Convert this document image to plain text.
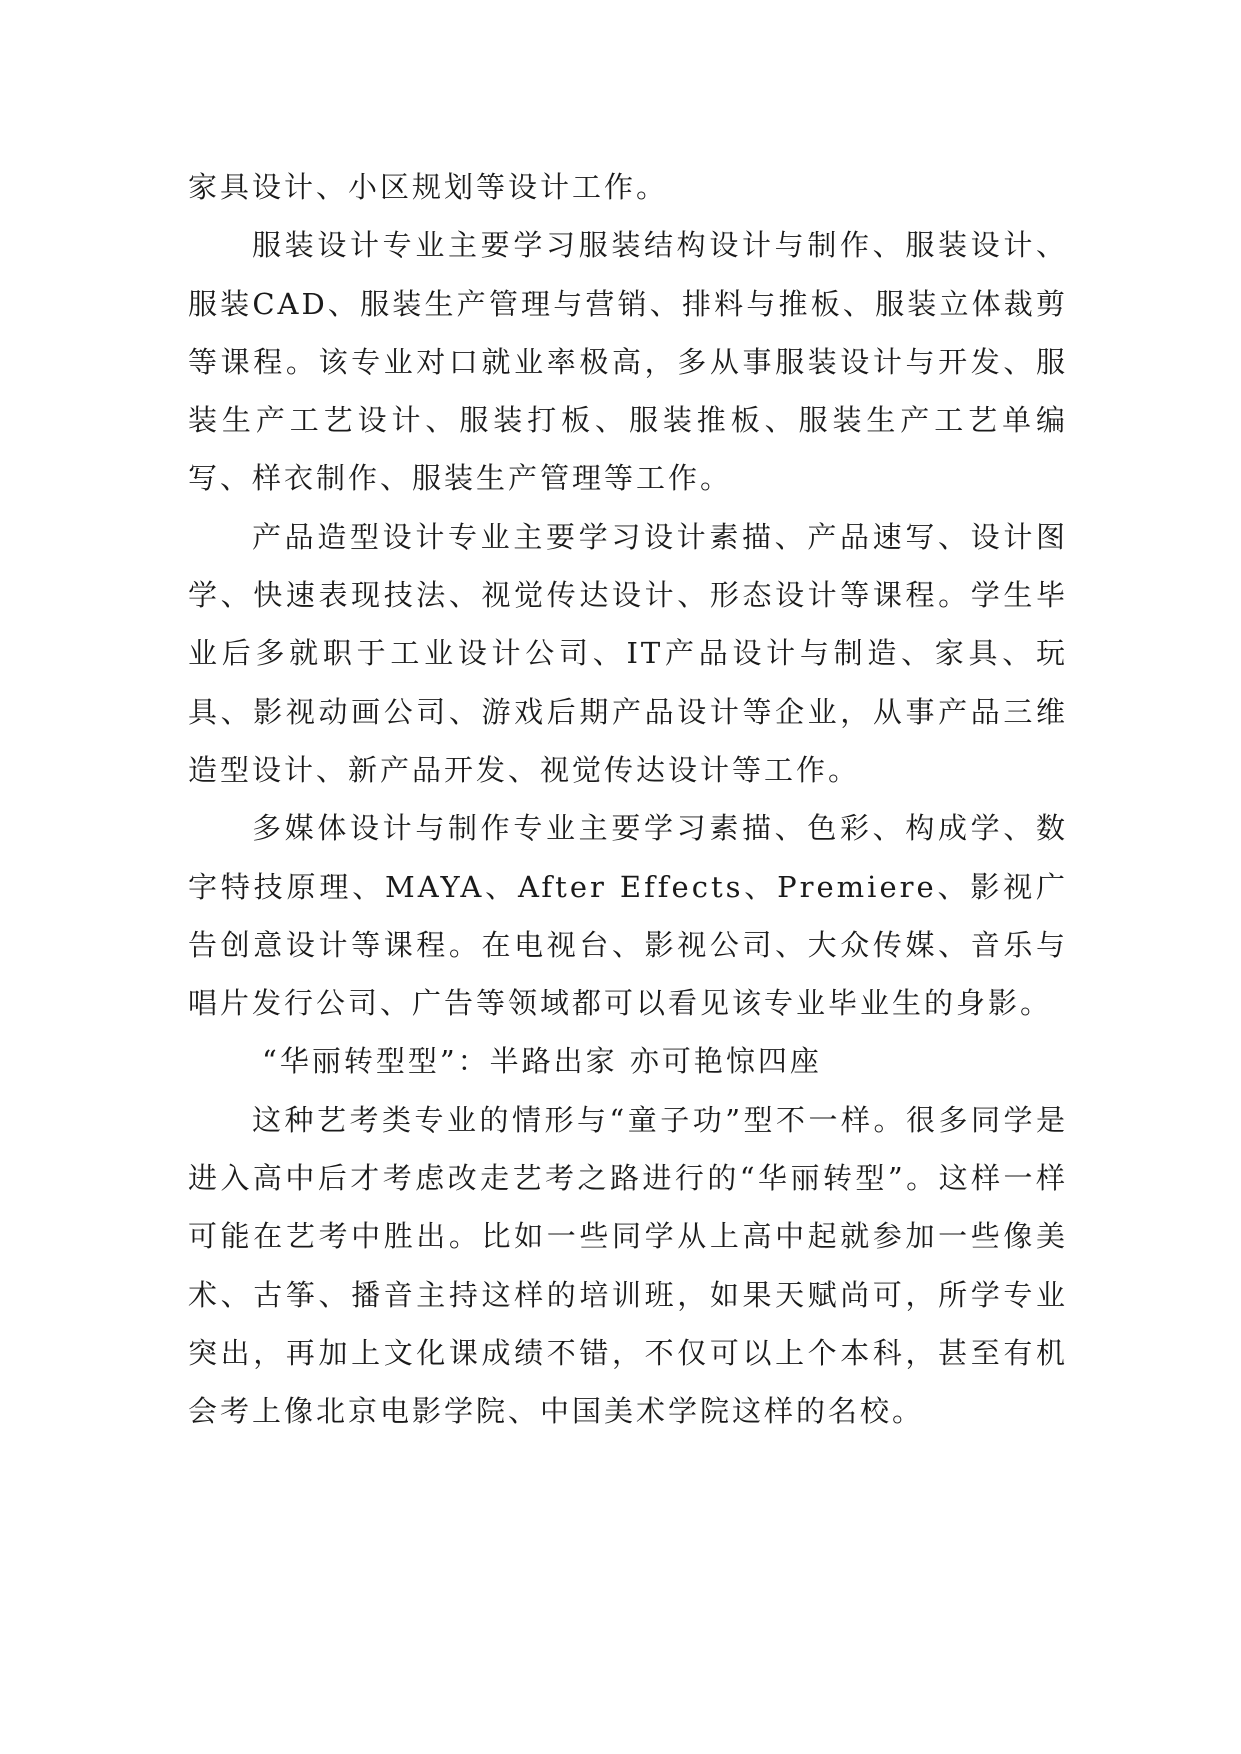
家具设计、小区规划等设计工作。

服装设计专业主要学习服装结构设计与制作、服装设计、服装CAD、服装生产管理与营销、排料与推板、服装立体裁剪等课程。该专业对口就业率极高，多从事服装设计与开发、服装生产工艺设计、服装打板、服装推板、服装生产工艺单编写、样衣制作、服装生产管理等工作。

产品造型设计专业主要学习设计素描、产品速写、设计图学、快速表现技法、视觉传达设计、形态设计等课程。学生毕业后多就职于工业设计公司、IT产品设计与制造、家具、玩具、影视动画公司、游戏后期产品设计等企业，从事产品三维造型设计、新产品开发、视觉传达设计等工作。

多媒体设计与制作专业主要学习素描、色彩、构成学、数字特技原理、MAYA、After Effects、Premiere、影视广告创意设计等课程。在电视台、影视公司、大众传媒、音乐与唱片发行公司、广告等领域都可以看见该专业毕业生的身影。

“华丽转型型”：半路出家 亦可艳惊四座

这种艺考类专业的情形与“童子功”型不一样。很多同学是进入高中后才考虑改走艺考之路进行的“华丽转型”。这样一样可能在艺考中胜出。比如一些同学从上高中起就参加一些像美术、古筝、播音主持这样的培训班，如果天赋尚可，所学专业突出，再加上文化课成绩不错，不仅可以上个本科，甚至有机会考上像北京电影学院、中国美术学院这样的名校。
